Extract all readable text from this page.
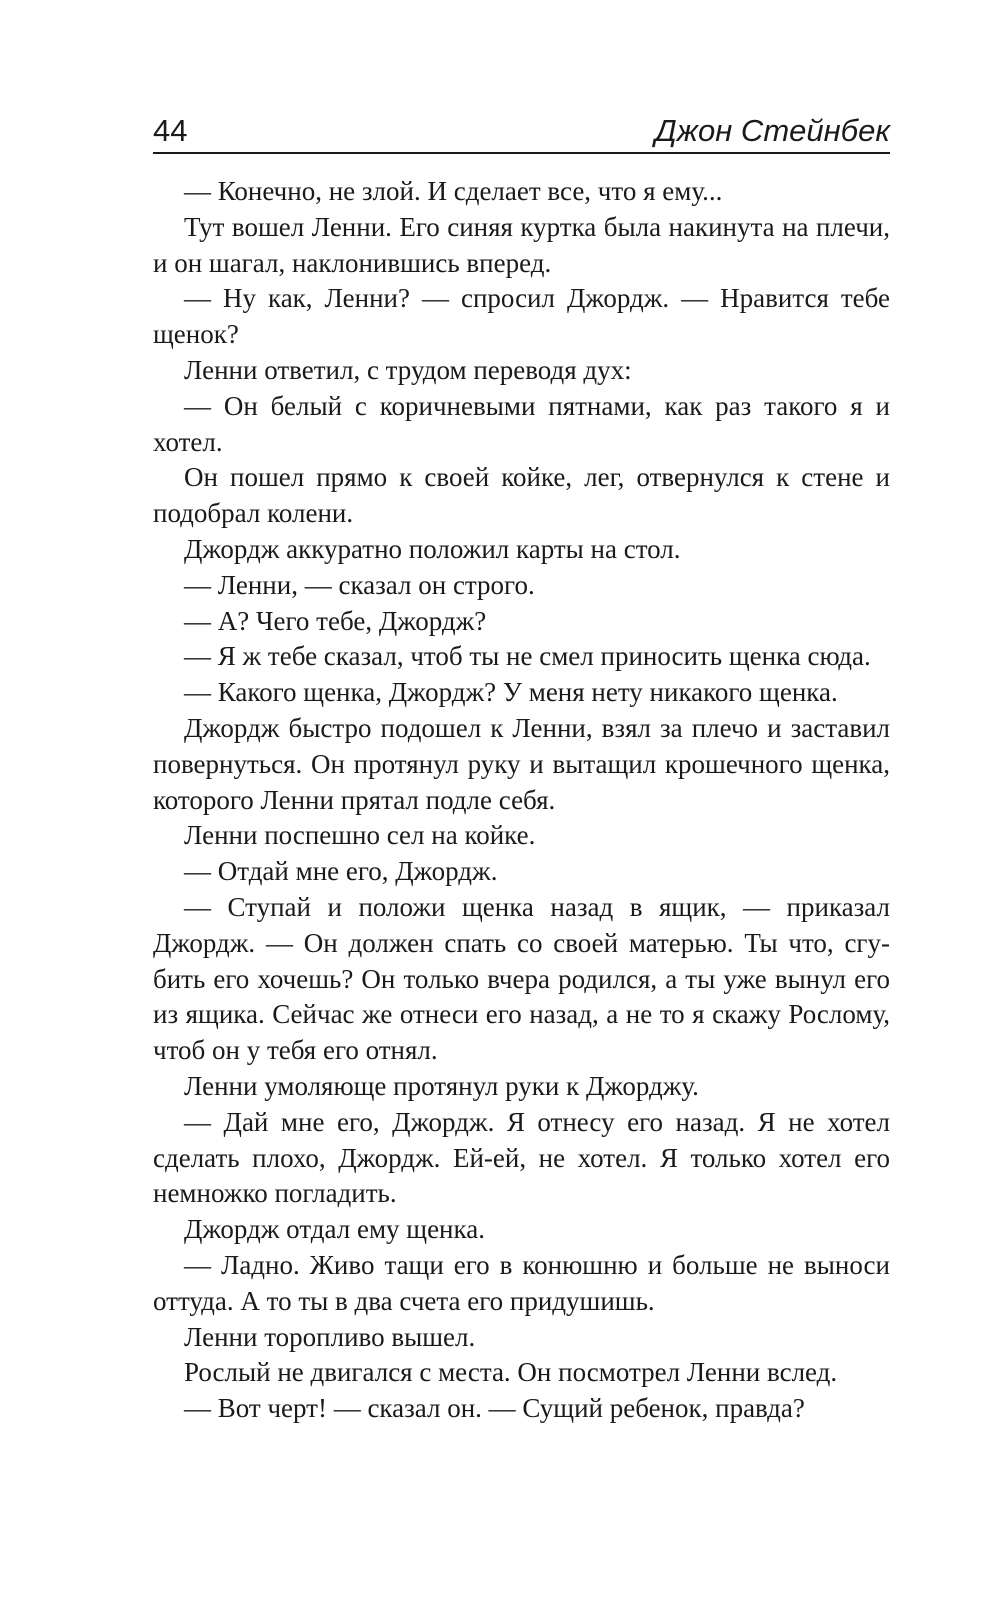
44	Джон Стейнбек

— Конечно, не злой. И сделает все, что я ему...

Тут вошел Ленни. Его синяя куртка была накинута на плечи, и он шагал, наклонившись вперед.

— Ну как, Ленни? — спросил Джордж. — Нравится тебе щенок?

Ленни ответил, с трудом переводя дух:

— Он белый с коричневыми пятнами, как раз такого я и хотел.

Он пошел прямо к своей койке, лег, отвернулся к стене и подобрал колени.

Джордж аккуратно положил карты на стол.

— Ленни, — сказал он строго.

— А? Чего тебе, Джордж?

— Я ж тебе сказал, чтоб ты не смел приносить щенка сюда.

— Какого щенка, Джордж? У меня нету никакого щенка.

Джордж быстро подошел к Ленни, взял за плечо и заставил повернуться. Он протянул руку и вытащил крошечного щенка, которого Ленни прятал подле себя.

Ленни поспешно сел на койке.

— Отдай мне его, Джордж.

— Ступай и положи щенка назад в ящик, — приказал Джордж. — Он должен спать со своей матерью. Ты что, сгубить его хочешь? Он только вчера родился, а ты уже вынул его из ящика. Сейчас же отнеси его назад, а не то я скажу Рослому, чтоб он у тебя его отнял.

Ленни умоляюще протянул руки к Джорджу.

— Дай мне его, Джордж. Я отнесу его назад. Я не хотел сделать плохо, Джордж. Ей-ей, не хотел. Я только хотел его немножко погладить.

Джордж отдал ему щенка.

— Ладно. Живо тащи его в конюшню и больше не выноси оттуда. А то ты в два счета его придушишь.

Ленни торопливо вышел.

Рослый не двигался с места. Он посмотрел Ленни вслед.

— Вот черт! — сказал он. — Сущий ребенок, правда?
